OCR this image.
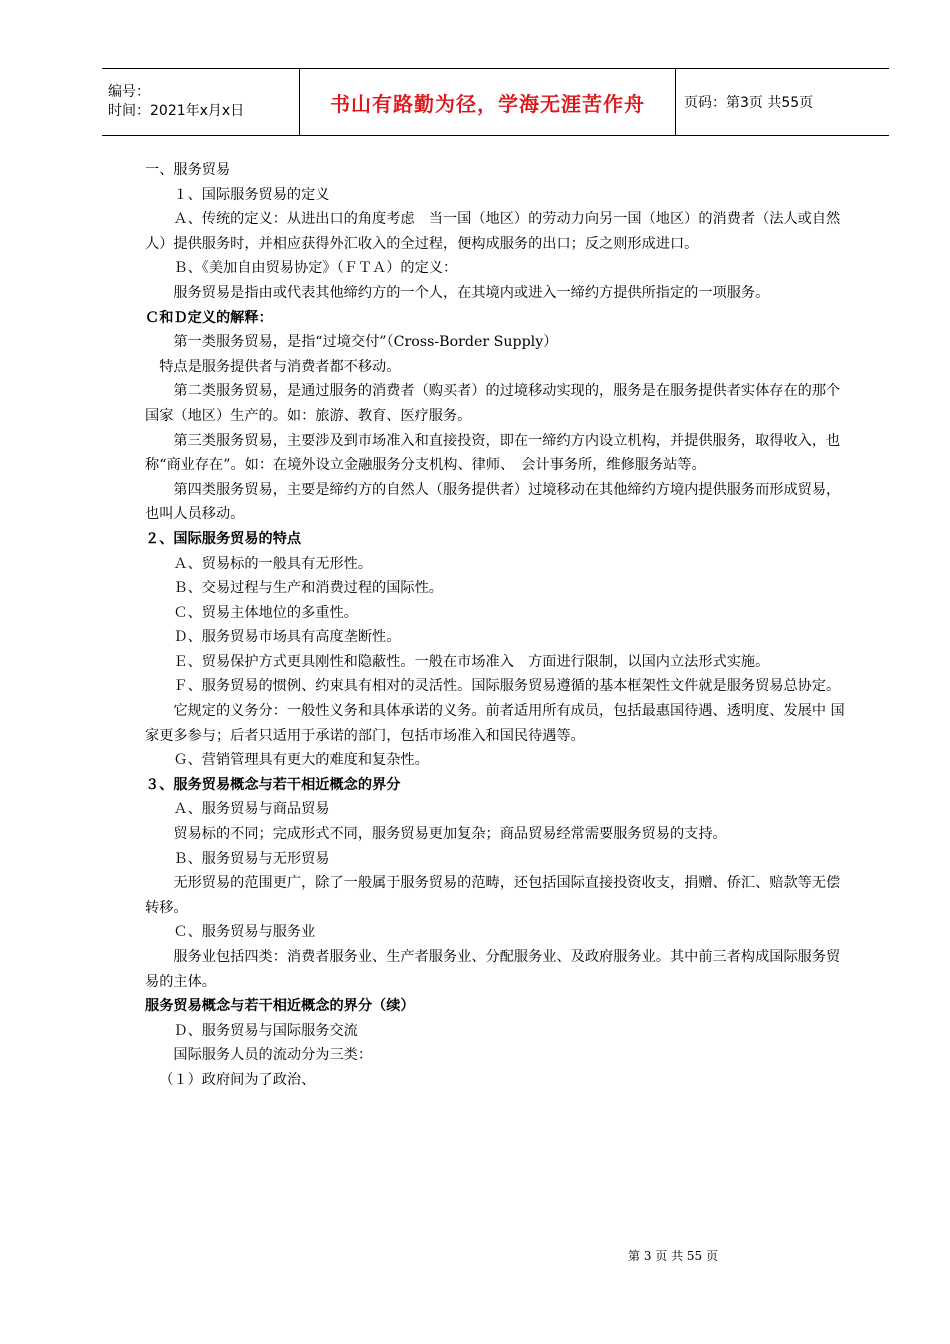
编号：
时间：2021年x月x日	书山有路勤为径，学海无涯苦作舟	页码：第3页 共55页

一、服务贸易

１、国际服务贸易的定义

Ａ、传统的定义：从进出口的角度考虑　当一国（地区）的劳动力向另一国（地区）的消费者（法人或自然人）提供服务时，并相应获得外汇收入的全过程，便构成服务的出口；反之则形成进口。

Ｂ、《美加自由贸易协定》（ＦＴＡ）的定义：

服务贸易是指由或代表其他缔约方的一个人，在其境内或进入一缔约方提供所指定的一项服务。

Ｃ和Ｄ定义的解释：

第一类服务贸易，是指“过境交付”（Cross-Border Supply）

特点是服务提供者与消费者都不移动。

第二类服务贸易，是通过服务的消费者（购买者）的过境移动实现的，服务是在服务提供者实体存在的那个国家（地区）生产的。如：旅游、教育、医疗服务。

第三类服务贸易，主要涉及到市场准入和直接投资，即在一缔约方内设立机构，并提供服务，取得收入，也称“商业存在”。如：在境外设立金融服务分支机构、律师、　会计事务所，维修服务站等。

第四类服务贸易，主要是缔约方的自然人（服务提供者）过境移动在其他缔约方境内提供服务而形成贸易，也叫人员移动。

２、国际服务贸易的特点

Ａ、贸易标的一般具有无形性。

Ｂ、交易过程与生产和消费过程的国际性。

Ｃ、贸易主体地位的多重性。

Ｄ、服务贸易市场具有高度垄断性。

Ｅ、贸易保护方式更具刚性和隐蔽性。一般在市场准入　方面进行限制，以国内立法形式实施。

Ｆ、服务贸易的惯例、约束具有相对的灵活性。国际服务贸易遵循的基本框架性文件就是服务贸易总协定。

它规定的义务分：一般性义务和具体承诺的义务。前者适用所有成员，包括最惠国待遇、透明度、发展中 国家更多参与；后者只适用于承诺的部门，包括市场准入和国民待遇等。

Ｇ、营销管理具有更大的难度和复杂性。

３、服务贸易概念与若干相近概念的界分

Ａ、服务贸易与商品贸易

贸易标的不同；完成形式不同，服务贸易更加复杂；商品贸易经常需要服务贸易的支持。

Ｂ、服务贸易与无形贸易

无形贸易的范围更广，除了一般属于服务贸易的范畴，还包括国际直接投资收支，捐赠、侨汇、赔款等无偿转移。

Ｃ、服务贸易与服务业

服务业包括四类：消费者服务业、生产者服务业、分配服务业、及政府服务业。其中前三者构成国际服务贸易的主体。

服务贸易概念与若干相近概念的界分（续）

Ｄ、服务贸易与国际服务交流

国际服务人员的流动分为三类：

（１）政府间为了政治、

第 3 页 共 55 页
